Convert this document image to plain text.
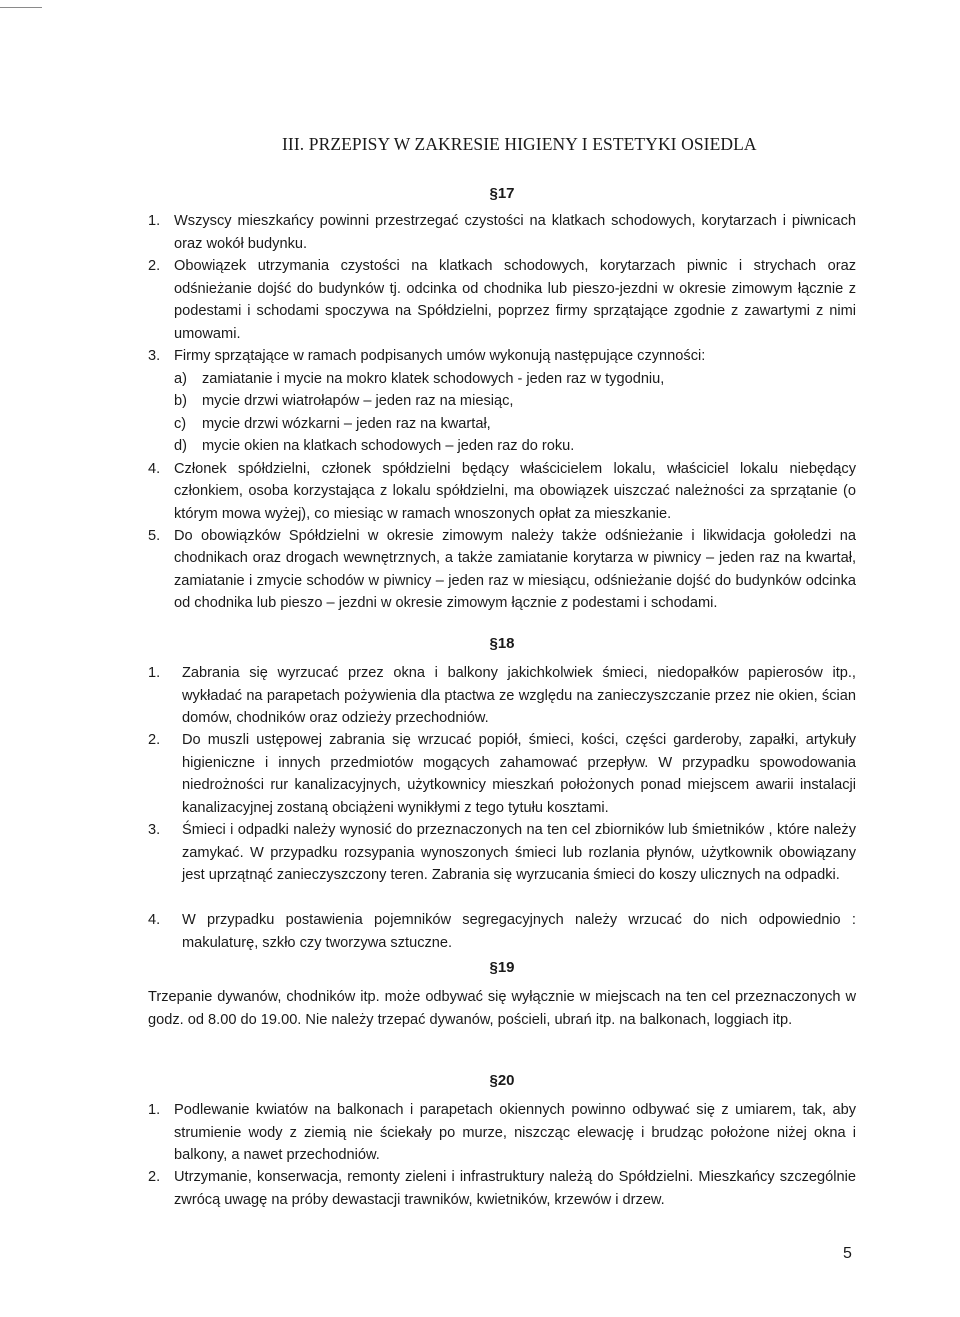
III. PRZEPISY W ZAKRESIE HIGIENY I ESTETYKI OSIEDLA
§17
1. Wszyscy mieszkańcy powinni przestrzegać czystości na klatkach schodowych, korytarzach i piwnicach oraz wokół budynku.
2. Obowiązek utrzymania czystości na klatkach schodowych, korytarzach piwnic i strychach oraz odśnieżanie dojść do budynków tj. odcinka od chodnika lub pieszo-jezdni w okresie zimowym łącznie z podestami i schodami spoczywa na Spółdzielni, poprzez firmy sprzątające zgodnie z zawartymi z nimi umowami.
3. Firmy sprzątające w ramach podpisanych umów wykonują następujące czynności:
a) zamiatanie i mycie na mokro klatek schodowych - jeden raz w tygodniu,
b) mycie drzwi wiatrołapów – jeden raz na miesiąc,
c) mycie drzwi wózkarni – jeden raz na kwartał,
d) mycie okien na klatkach schodowych – jeden raz do roku.
4. Członek spółdzielni, członek spółdzielni będący właścicielem lokalu, właściciel lokalu niebędący członkiem, osoba korzystająca z lokalu spółdzielni, ma obowiązek uiszczać należności za sprzątanie (o którym mowa wyżej), co miesiąc w ramach wnoszonych opłat za mieszkanie.
5. Do obowiązków Spółdzielni w okresie zimowym należy także odśnieżanie i likwidacja gołoledzi na chodnikach oraz drogach wewnętrznych, a także zamiatanie korytarza w piwnicy – jeden raz na kwartał, zamiatanie i zmycie schodów w piwnicy – jeden raz w miesiącu, odśnieżanie dojść do budynków odcinka od chodnika lub pieszo – jezdni w okresie zimowym łącznie z podestami i schodami.
§18
1. Zabrania się wyrzucać przez okna i balkony jakichkolwiek śmieci, niedopałków papierosów itp., wykładać na parapetach pożywienia dla ptactwa ze względu na zanieczyszczanie przez nie okien, ścian domów, chodników oraz odzieży przechodniów.
2. Do muszli ustępowej zabrania się wrzucać popiół, śmieci, kości, części garderoby, zapałki, artykuły higieniczne i innych przedmiotów mogących zahamować przepływ. W przypadku spowodowania niedrożności rur kanalizacyjnych, użytkownicy mieszkań położonych ponad miejscem awarii instalacji kanalizacyjnej zostaną obciążeni wynikłymi z tego tytułu kosztami.
3. Śmieci i odpadki należy wynosić do przeznaczonych na ten cel zbiorników lub śmietników , które należy zamykać. W przypadku rozsypania wynoszonych śmieci lub rozlania płynów, użytkownik obowiązany jest uprzątnąć zanieczyszczony teren. Zabrania się wyrzucania śmieci do koszy ulicznych na odpadki.
4. W przypadku postawienia pojemników segregacyjnych należy wrzucać do nich odpowiednio : makulaturę, szkło czy tworzywa sztuczne.
§19
Trzepanie dywanów, chodników itp. może odbywać się wyłącznie w miejscach na ten cel przeznaczonych w godz. od 8.00 do 19.00. Nie należy trzepać dywanów, pościeli, ubrań itp. na balkonach, loggiach itp.
§20
1. Podlewanie kwiatów na balkonach i parapetach okiennych powinno odbywać się z umiarem, tak, aby strumienie wody z ziemią nie ściekały po murze, niszcząc elewację i brudząc położone niżej okna i balkony, a nawet przechodniów.
2. Utrzymanie, konserwacja, remonty zieleni i infrastruktury należą do Spółdzielni. Mieszkańcy szczególnie zwrócą uwagę na próby dewastacji trawników, kwietników, krzewów i drzew.
5
